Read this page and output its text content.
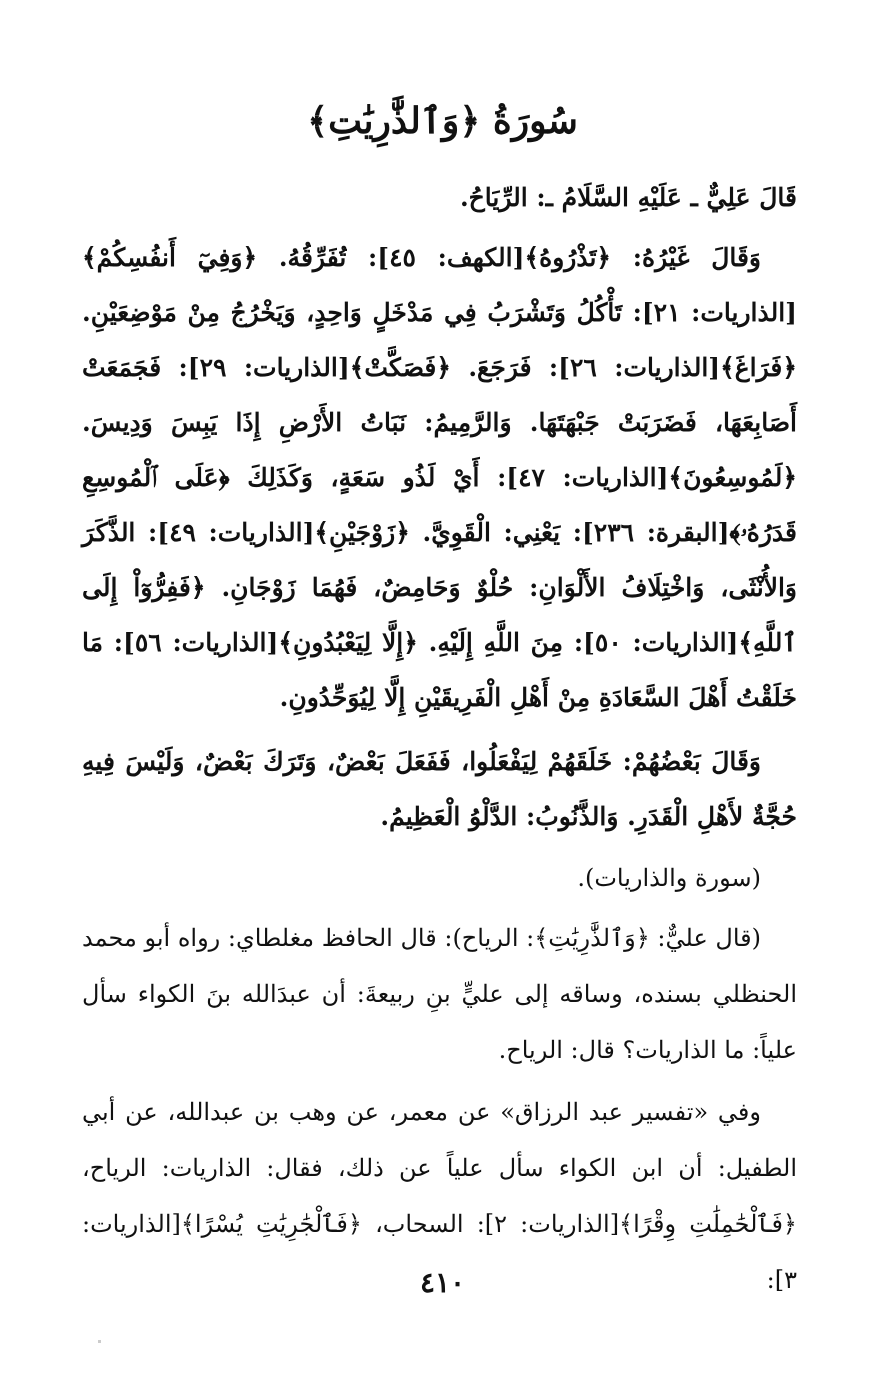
سُورَةُ ﴿وَٱلذَّٰرِيَٰتِ﴾
قَالَ عَلِيٌّ ـ عَلَيْهِ السَّلَامُ ـ: الرِّيَاحُ.
وَقَالَ غَيْرُهُ: ﴿تَذْرُوهُ﴾[الكهف: ٤٥]: تُفَرِّقُهُ. ﴿وَفِيٓ أَنفُسِكُمْ﴾[الذاريات: ٢١]: تَأْكُلُ وَتَشْرَبُ فِي مَدْخَلٍ وَاحِدٍ، وَيَخْرُجُ مِنْ مَوْضِعَيْنِ. ﴿فَرَاغَ﴾[الذاريات: ٢٦]: فَرَجَعَ. ﴿فَصَكَّتْ﴾[الذاريات: ٢٩]: فَجَمَعَتْ أَصَابِعَهَا، فَضَرَبَتْ جَبْهَتَهَا. وَالرَّمِيمُ: نَبَاتُ الأَرْضِ إِذَا يَبِسَ وَدِيسَ. ﴿لَمُوسِعُونَ﴾[الذاريات: ٤٧]: أَيْ لَذُو سَعَةٍ، وَكَذَلِكَ ﴿عَلَى ٱلْمُوسِعِ قَدَرُهُۥ﴾[البقرة: ٢٣٦]: يَعْنِي: الْقَوِيَّ. ﴿زَوْجَيْنِ﴾[الذاريات: ٤٩]: الذَّكَرَ وَالأُنْثَى، وَاخْتِلَافُ الأَلْوَانِ: حُلْوٌ وَحَامِضٌ، فَهُمَا زَوْجَانِ. ﴿فَفِرُّوٓاْ إِلَى ٱللَّهِ﴾[الذاريات: ٥٠]: مِنَ اللَّهِ إِلَيْهِ. ﴿إِلَّا لِيَعْبُدُونِ﴾[الذاريات: ٥٦]: مَا خَلَقْتُ أَهْلَ السَّعَادَةِ مِنْ أَهْلِ الْفَرِيقَيْنِ إِلَّا لِيُوَحِّدُونِ.
وَقَالَ بَعْضُهُمْ: خَلَقَهُمْ لِيَفْعَلُوا، فَفَعَلَ بَعْضٌ، وَتَرَكَ بَعْضٌ، وَلَيْسَ فِيهِ حُجَّةٌ لأَهْلِ الْقَدَرِ. وَالذَّنُوبُ: الدَّلْوُ الْعَظِيمُ.
(سورة والذاريات).
(قال عليٌّ: ﴿وَٱلذَّٰرِيَٰتِ﴾: الرياح): قال الحافظ مغلطاي: رواه أبو محمد الحنظلي بسنده، وساقه إلى عليٍّ بنِ ربيعةَ: أن عبدَالله بنَ الكواء سأل علياً: ما الذاريات؟ قال: الرياح.
وفي «تفسير عبد الرزاق» عن معمر، عن وهب بن عبدالله، عن أبي الطفيل: أن ابن الكواء سأل علياً عن ذلك، فقال: الذاريات: الرياح، ﴿فَٱلْحَٰمِلَٰتِ وِقْرًا﴾[الذاريات: ٢]: السحاب، ﴿فَٱلْجَٰرِيَٰتِ يُسْرًا﴾[الذاريات: ٣]:
٤١٠
